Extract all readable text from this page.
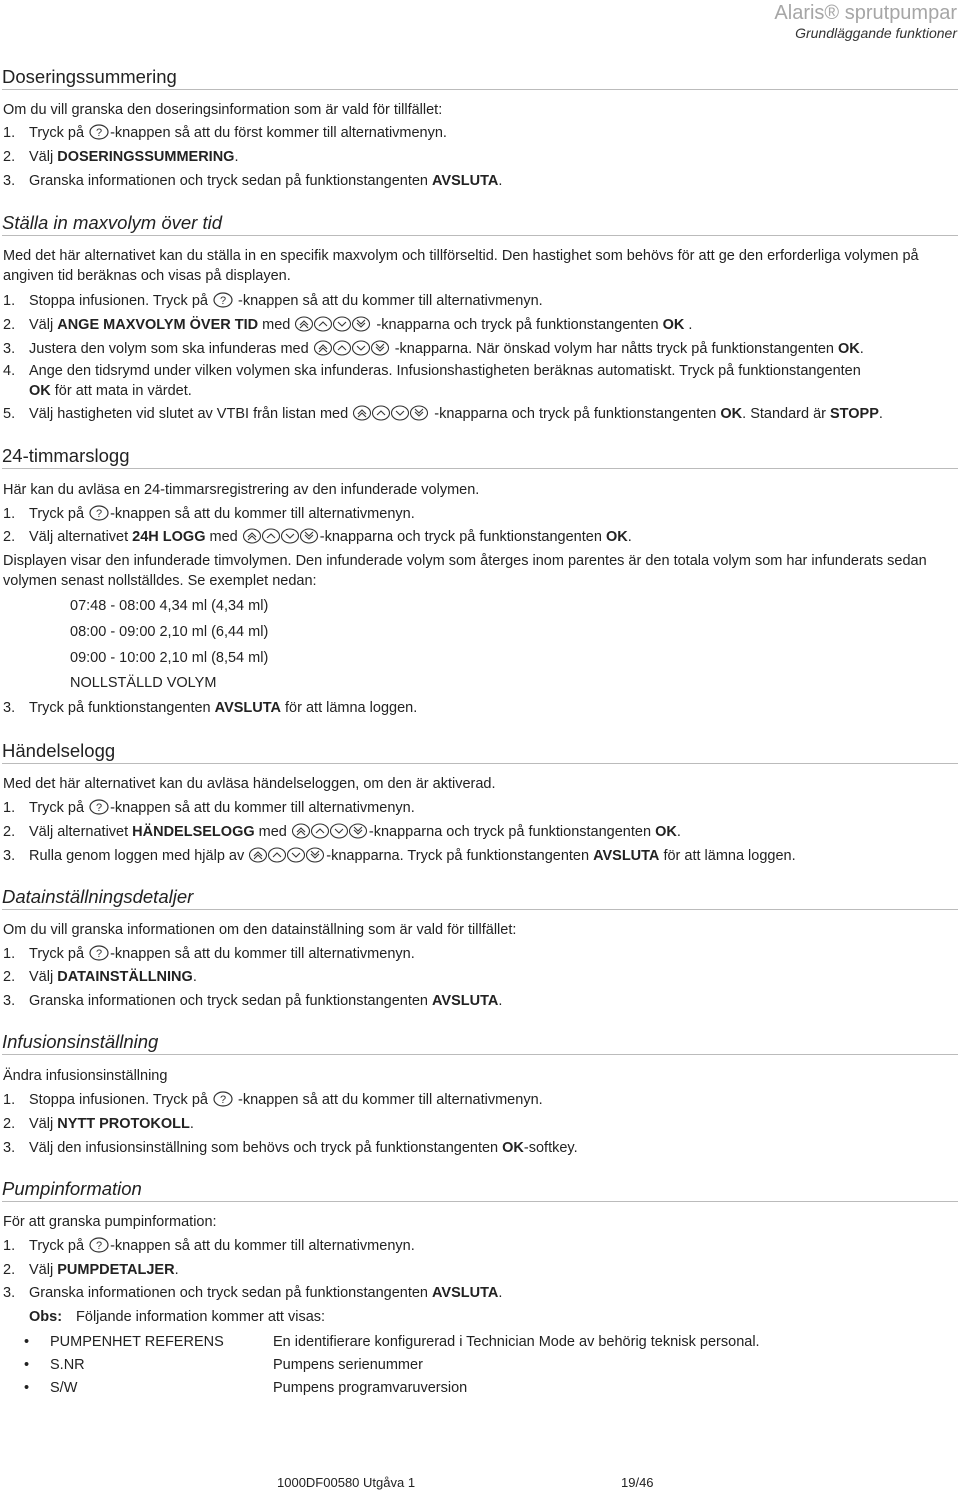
Alaris® sprutpumpar
Grundläggande funktioner
Doseringssummering
Om du vill granska den doseringsinformation som är vald för tillfället:
1. Tryck på ? -knappen så att du först kommer till alternativmenyn.
2. Välj DOSERINGSSUMMERING.
3. Granska informationen och tryck sedan på funktionstangenten AVSLUTA.
Ställa in maxvolym över tid
Med det här alternativet kan du ställa in en specifik maxvolym och tillförseltid. Den hastighet som behövs för att ge den erforderliga volymen på angiven tid beräknas och visas på displayen.
1. Stoppa infusionen. Tryck på ? -knappen så att du kommer till alternativmenyn.
2. Välj ANGE MAXVOLYM ÖVER TID med	-knapparna och tryck på funktionstangenten OK .
3. Justera den volym som ska infunderas med	-knapparna. När önskad volym har nåtts tryck på funktionstangenten OK.
4. Ange den tidsrymd under vilken volymen ska infunderas. Infusionshastigheten beräknas automatiskt. Tryck på funktionstangenten
OK för att mata in värdet.
5. Välj hastigheten vid slutet av VTBI från listan med	-knapparna och tryck på funktionstangenten OK. Standard är STOPP.
24-timmarslogg
Här kan du avläsa en 24-timmarsregistrering av den infunderade volymen.
1. Tryck på ? -knappen så att du kommer till alternativmenyn.
2. Välj alternativet 24H LOGG med	-knapparna och tryck på funktionstangenten OK.
Displayen visar den infunderade timvolymen. Den infunderade volym som återges inom parentes är den totala volym som har infunderats sedan volymen senast nollställdes. Se exemplet nedan:
07:48 - 08:00 4,34 ml (4,34 ml)
08:00 - 09:00 2,10 ml (6,44 ml)
09:00 - 10:00 2,10 ml (8,54 ml)
NOLLSTÄLLD VOLYM
3. Tryck på funktionstangenten AVSLUTA för att lämna loggen.
Händelselogg
Med det här alternativet kan du avläsa händelseloggen, om den är aktiverad.
1. Tryck på ? -knappen så att du kommer till alternativmenyn.
2. Välj alternativet HÄNDELSELOGG med	-knapparna och tryck på funktionstangenten OK.
3. Rulla genom loggen med hjälp av	-knapparna. Tryck på funktionstangenten AVSLUTA för att lämna loggen.
Datainställningsdetaljer
Om du vill granska informationen om den datainställning som är vald för tillfället:
1. Tryck på ? -knappen så att du kommer till alternativmenyn.
2. Välj DATAINSTÄLLNING.
3. Granska informationen och tryck sedan på funktionstangenten AVSLUTA.
Infusionsinställning
Ändra infusionsinställning
1. Stoppa infusionen. Tryck på ? -knappen så att du kommer till alternativmenyn.
2. Välj NYTT PROTOKOLL.
3. Välj den infusionsinställning som behövs och tryck på funktionstangenten OK-softkey.
Pumpinformation
För att granska pumpinformation:
1. Tryck på ? -knappen så att du kommer till alternativmenyn.
2. Välj PUMPDETALJER.
3. Granska informationen och tryck sedan på funktionstangenten AVSLUTA.
Obs: Följande information kommer att visas:
• PUMPENHET REFERENS	En identifierare konfigurerad i Technician Mode av behörig teknisk personal.
• S.NR	Pumpens serienummer
• S/W	Pumpens programvaruversion
1000DF00580 Utgåva 1	19/46
